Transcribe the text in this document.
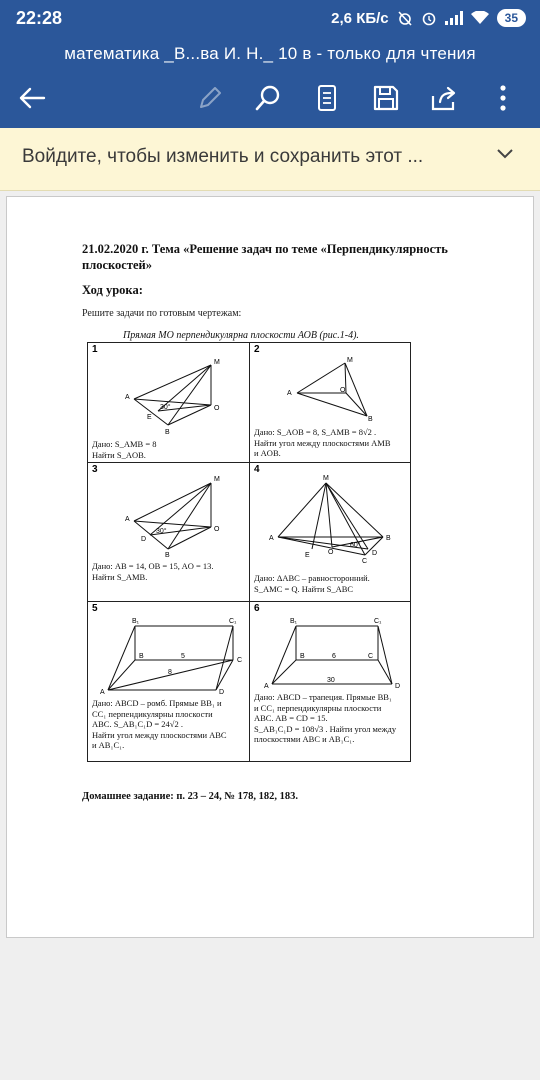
22:28	2,6 КБ/с	35
математика _В...ва И. Н._ 10 в - только для чтения
Войдите, чтобы изменить и сохранить этот ...
21.02.2020 г. Тема «Решение задач по теме «Перпендикулярность плоскостей»
Ход урока:
Решите задачи по готовым чертежам:
Прямая МО перпендикулярна плоскости АОВ (рис.1-4).
1
M
A
O
E
B
30°
Дано: S_AMB = 8
Найти S_AOB.
2
M
A	O
B
Дано: S_AOB = 8, S_AMB = 8√2 .
Найти угол между плоскостями AMB
и AOB.
3
M
A
O
D
B
30°
Дано: AB = 14, OB = 15, AO = 13.
Найти S_AMB.
4
M
A	B
C
E	O	D
60°
Дано: ΔABC – равносторонний.
S_AMC = Q. Найти S_ABC
5
B₁	C₁
B	5
C
8
A	D
Дано: ABCD – ромб. Прямые BB₁ и
CC₁ перпендикулярны плоскости
ABC. S_AB₁C₁D = 24√2 .
Найти угол между плоскостями ABC
и AB₁C₁.
6
B₁	C₁
B	6	C
A
30
D
Дано: ABCD – трапеция. Прямые BB₁
и CC₁ перпендикулярны плоскости
ABC. AB = CD = 15.
S_AB₁C₁D = 108√3 . Найти угол между
плоскостями ABC и AB₁C₁.
Домашнее задание: п. 23 – 24, № 178, 182, 183.
